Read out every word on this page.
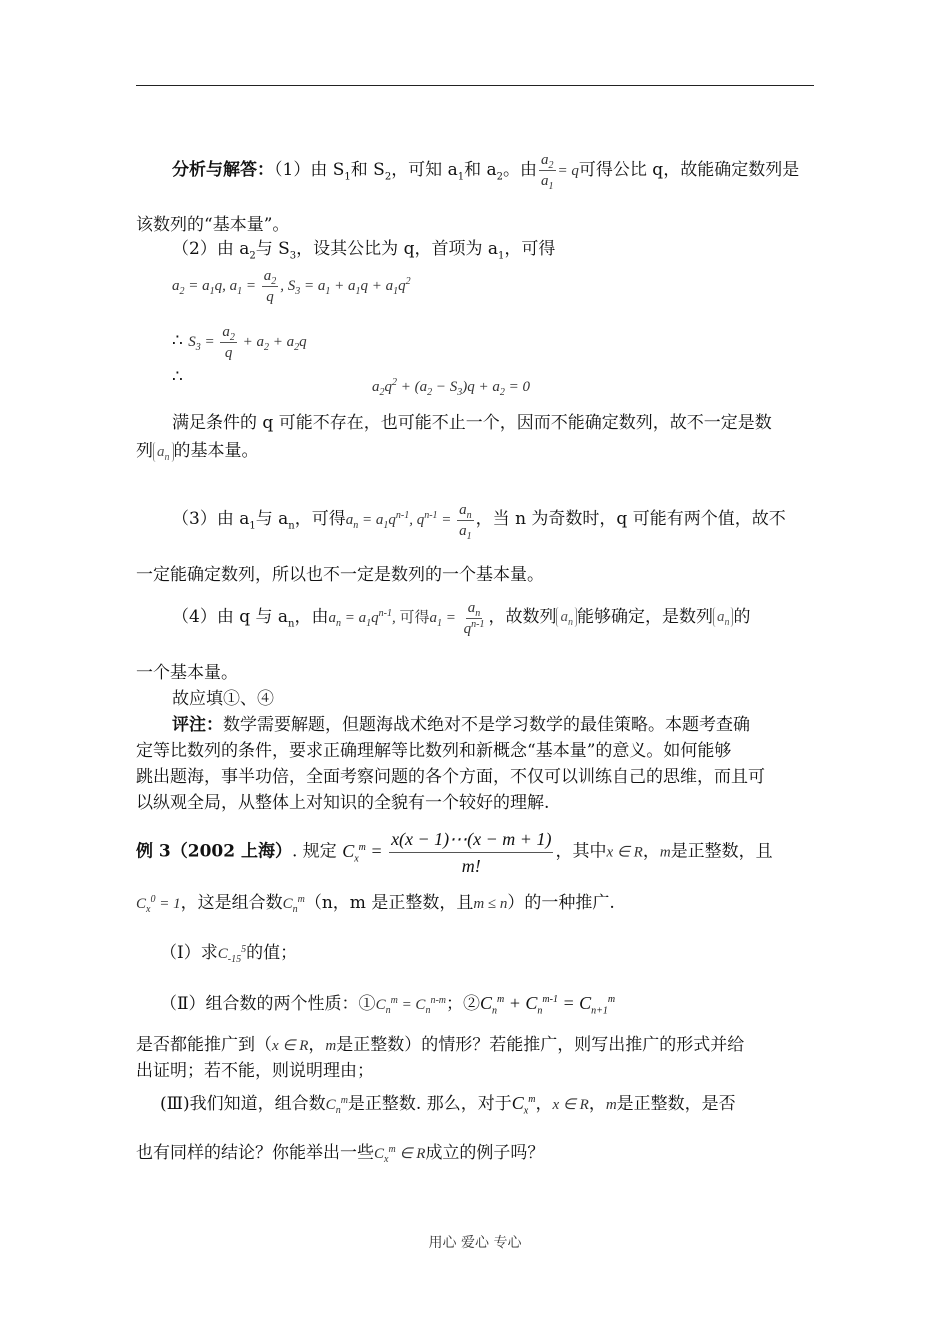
分析与解答：（1）由 $S_1$和 $S_2$，可知 $a_1$和 $a_2$。由 $\frac{a_2}{a_1} = q$可得公比 q，故能确定数列是
该数列的“基本量”。
（2）由 $a_2$与 $S_3$，设其公比为 q，首项为 $a_1$，可得
$a_2 = a_1q$, $a_1 = \frac{a_2}{q}$ , $S_3 = a_1 + a_1q + a_1q^2$
∴ $S_3 = \frac{a_2}{q} + a_2 + a_2q$
∴	$a_2q^2 + (a_2 - S_3)q + a_2 = 0$
满足条件的 q 可能不存在，也可能不止一个，因而不能确定数列，故不一定是数
列 $a_n$ 的基本量。
（3）由 $a_1$与 $a_n$，可得$a_n = a_1q^{n-1}$, $q^{n-1} = \frac{a_n}{a_1}$ ，当 n 为奇数时，q 可能有两个值，故不
一定能确定数列，所以也不一定是数列的一个基本量。
（4）由 q 与 $a_n$，由$a_n = a_1q^{n-1}$, 可得$a_1 = \frac{a_n}{q^{n-1}}$ ，故数列 $a_n$ 能够确定，是数列 $a_n$ 的
一个基本量。
故应填①、④
评注：数学需要解题，但题海战术绝对不是学习数学的最佳策略。本题考查确
定等比数列的条件，要求正确理解等比数列和新概念“基本量”的意义。如何能够
跳出题海，事半功倍，全面考察问题的各个方面，不仅可以训练自己的思维，而且可
以纵观全局，从整体上对知识的全貌有一个较好的理解.
例 3（2002 上海）. 规定 $C_x^m = \frac{x(x - 1)\cdots(x - m + 1)}{m!}$ ，其中x ∈ R，m是正整数，且
$C_x^0 = 1$，这是组合数$C_n^m(n$，m 是正整数，且m ≤ n）的一种推广.
（Ⅰ）求$C_{-15}^5$的值；
（Ⅱ）组合数的两个性质：$①C_n^m = C_n^{n-m}$；$②C_n^m + C_n^{m-1} = C_{n+1}^m$
是否都能推广到（x ∈ R，m是正整数）的情形？若能推广，则写出推广的形式并给
出证明；若不能，则说明理由；
(Ⅲ)我们知道，组合数$C_n^m$是正整数. 那么，对于$C_x^m$，x ∈ R，m是正整数，是否
也有同样的结论？你能举出一些$C_x^m$ ∈ R成立的例子吗？
用心 爱心 专心
